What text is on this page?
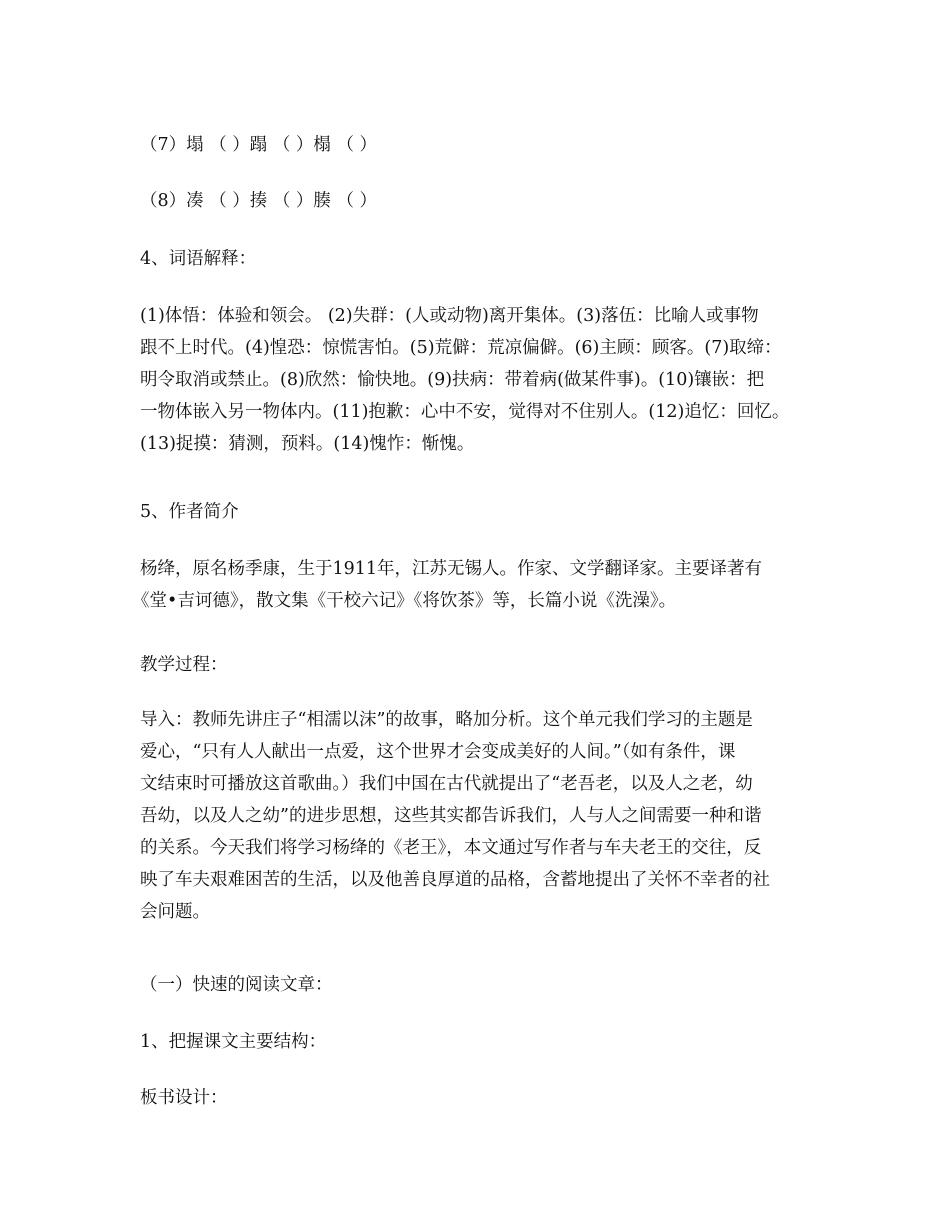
（7）塌 （ ）蹋 （ ）榻 （ ）
（8）凑 （ ）揍 （ ）腠 （ ）
4、词语解释：
(1)体悟：体验和领会。 (2)失群：(人或动物)离开集体。(3)落伍：比喻人或事物
跟不上时代。(4)惶恐：惊慌害怕。(5)荒僻：荒凉偏僻。(6)主顾：顾客。(7)取缔：
明令取消或禁止。(8)欣然：愉快地。(9)扶病：带着病(做某件事)。(10)镶嵌：把
一物体嵌入另一物体内。(11)抱歉：心中不安，觉得对不住别人。(12)追忆：回忆。
(13)捉摸：猜测，预料。(14)愧怍：惭愧。
5、作者简介
杨绛，原名杨季康，生于1911年，江苏无锡人。作家、文学翻译家。主要译著有
《堂•吉诃德》，散文集《干校六记》《将饮茶》等，长篇小说《洗澡》。
教学过程：
导入：教师先讲庄子“相濡以沫”的故事，略加分析。这个单元我们学习的主题是
爱心，“只有人人献出一点爱，这个世界才会变成美好的人间。”（如有条件，课
文结束时可播放这首歌曲。）我们中国在古代就提出了“老吾老，以及人之老，幼
吾幼，以及人之幼”的进步思想，这些其实都告诉我们，人与人之间需要一种和谐
的关系。今天我们将学习杨绛的《老王》，本文通过写作者与车夫老王的交往，反
映了车夫艰难困苦的生活，以及他善良厚道的品格，含蓄地提出了关怀不幸者的社
会问题。
（一）快速的阅读文章：
1、把握课文主要结构：
板书设计：
